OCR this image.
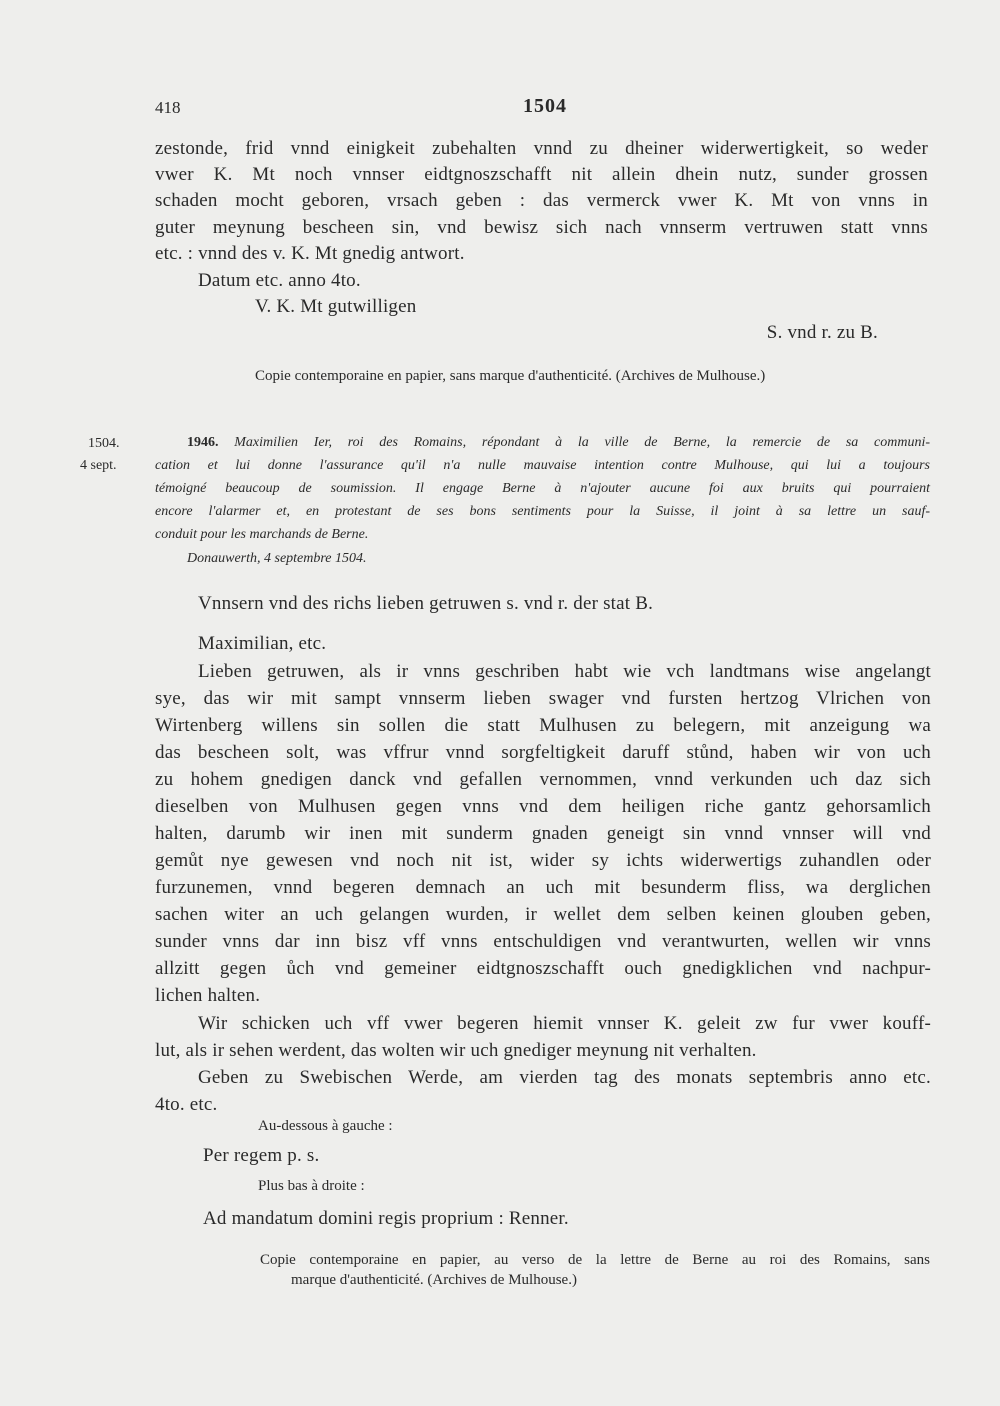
418	1504
zestonde, frid vnnd einigkeit zubehalten vnnd zu dheiner widerwertigkeit, so weder
vwer K. Mt noch vnnser eidtgnoszschafft nit allein dhein nutz, sunder grossen
schaden mocht geboren, vrsach geben : das vermerck vwer K. Mt von vnns in
guter meynung bescheen sin, vnd bewisz sich nach vnnserm vertruwen statt vnns
etc. : vnnd des v. K. Mt gnedig antwort.
Datum etc. anno 4to.
V. K. Mt gutwilligen
S. vnd r. zu B.
Copie contemporaine en papier, sans marque d'authenticité. (Archives de Mulhouse.)
1504.
4 sept.
1946. Maximilien Ier, roi des Romains, répondant à la ville de Berne, la remercie de sa communi-
cation et lui donne l'assurance qu'il n'a nulle mauvaise intention contre Mulhouse, qui lui a toujours
témoigné beaucoup de soumission. Il engage Berne à n'ajouter aucune foi aux bruits qui pourraient
encore l'alarmer et, en protestant de ses bons sentiments pour la Suisse, il joint à sa lettre un sauf-
conduit pour les marchands de Berne.
Donauwerth, 4 septembre 1504.
Vnnsern vnd des richs lieben getruwen s. vnd r. der stat B.
Maximilian, etc.
Lieben getruwen, als ir vnns geschriben habt wie vch landtmans wise angelangt
sye, das wir mit sampt vnnserm lieben swager vnd fursten hertzog Vlrichen von
Wirtenberg willens sin sollen die statt Mulhusen zu belegern, mit anzeigung wa
das bescheen solt, was vffrur vnnd sorgfeltigkeit daruff stůnd, haben wir von uch
zu hohem gnedigen danck vnd gefallen vernommen, vnnd verkunden uch daz sich
dieselben von Mulhusen gegen vnns vnd dem heiligen riche gantz gehorsamlich
halten, darumb wir inen mit sunderm gnaden geneigt sin vnnd vnnser will vnd
gemůt nye gewesen vnd noch nit ist, wider sy ichts widerwertigs zuhandlen oder
furzunemen, vnnd begeren demnach an uch mit besunderm fliss, wa derglichen
sachen witer an uch gelangen wurden, ir wellet dem selben keinen glouben geben,
sunder vnns dar inn bisz vff vnns entschuldigen vnd verantwurten, wellen wir vnns
allzitt gegen ůch vnd gemeiner eidtgnoszschafft ouch gnedigklichen vnd nachpur-
lichen halten.
Wir schicken uch vff vwer begeren hiemit vnnser K. geleit zw fur vwer kouff-
lut, als ir sehen werdent, das wolten wir uch gnediger meynung nit verhalten.
Geben zu Swebischen Werde, am vierden tag des monats septembris anno etc.
4to. etc.
Au-dessous à gauche :
Per regem p. s.
Plus bas à droite :
Ad mandatum domini regis proprium : Renner.
Copie contemporaine en papier, au verso de la lettre de Berne au roi des Romains, sans
marque d'authenticité. (Archives de Mulhouse.)
